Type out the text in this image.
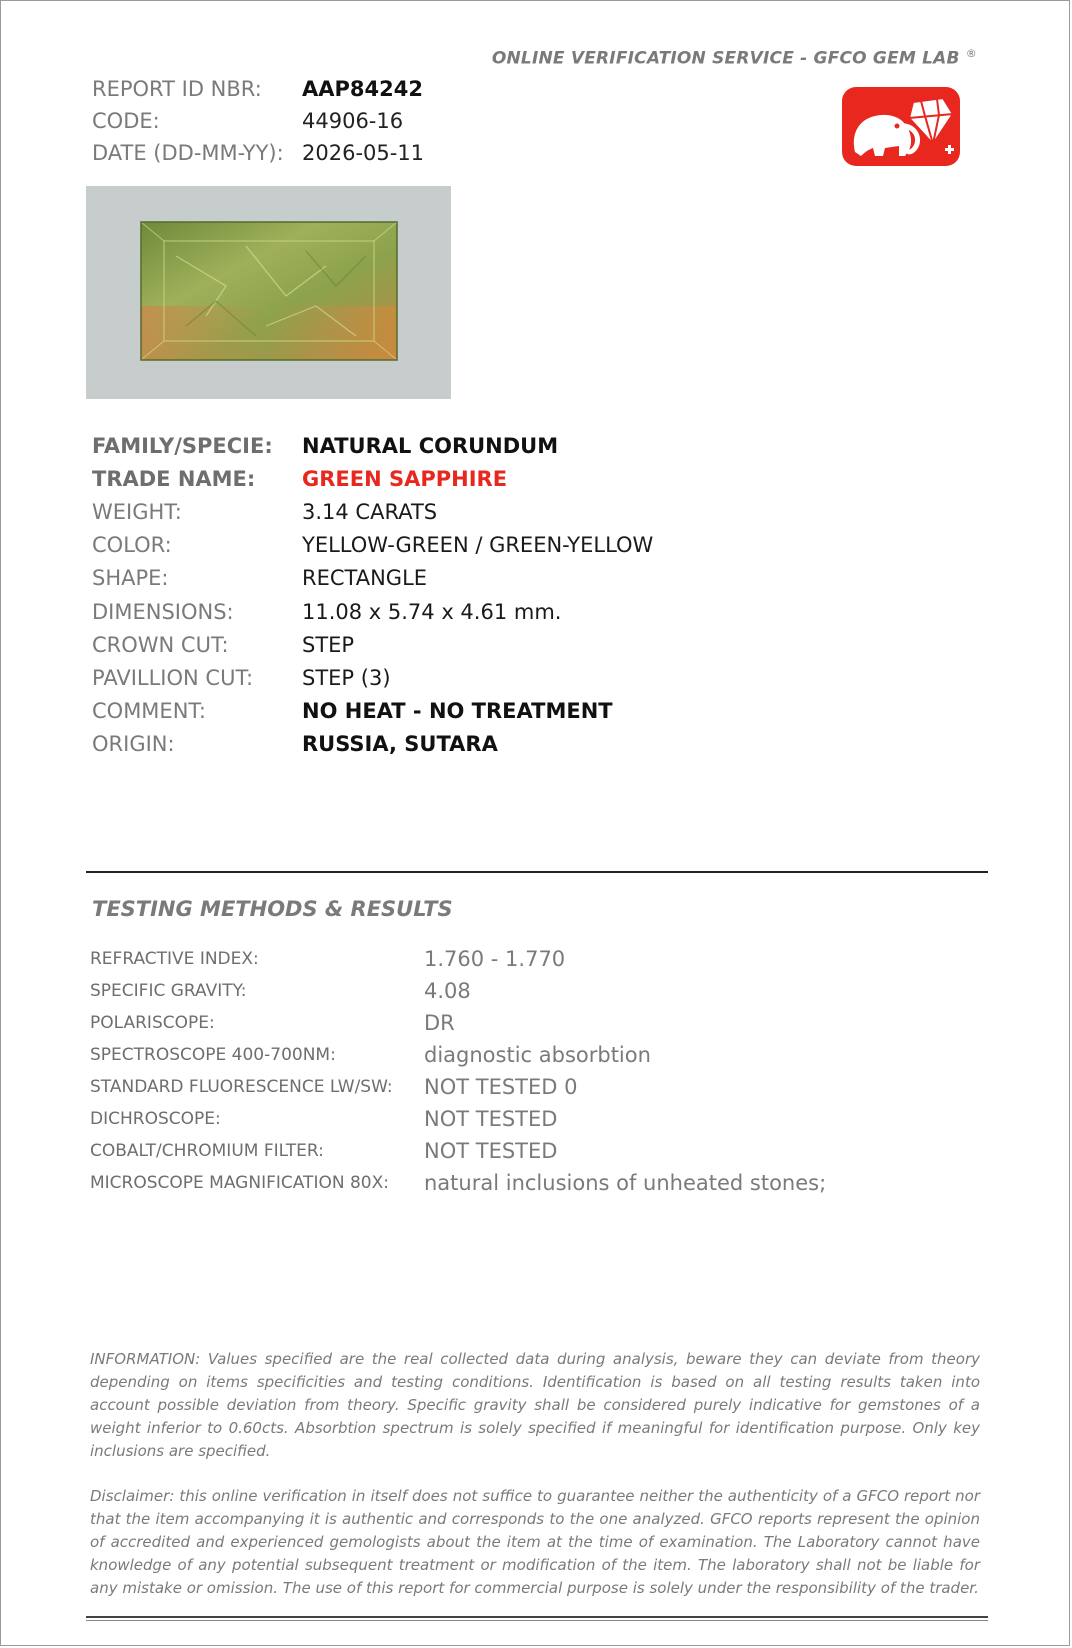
ONLINE VERIFICATION SERVICE - GFCO GEM LAB ®
REPORT ID NBR:	AAP84242
CODE:	44906-16
DATE (DD-MM-YY): 2026-05-11
FAMILY/SPECIE:	NATURAL CORUNDUM
TRADE NAME:	GREEN SAPPHIRE
WEIGHT:	3.14 CARATS
COLOR:	YELLOW-GREEN / GREEN-YELLOW
SHAPE:	RECTANGLE
DIMENSIONS:	11.08 x 5.74 x 4.61 mm.
CROWN CUT:	STEP
PAVILLION CUT:	STEP (3)
COMMENT:	NO HEAT - NO TREATMENT
ORIGIN:	RUSSIA, SUTARA
TESTING METHODS & RESULTS
REFRACTIVE INDEX:	1.760 - 1.770
SPECIFIC GRAVITY:	4.08
POLARISCOPE:	DR
SPECTROSCOPE 400-700NM:	diagnostic absorbtion
STANDARD FLUORESCENCE LW/SW:	NOT TESTED 0
DICHROSCOPE:	NOT TESTED
COBALT/CHROMIUM FILTER:	NOT TESTED
MICROSCOPE MAGNIFICATION 80X:	natural inclusions of unheated stones;
INFORMATION: Values specified are the real collected data during analysis, beware they can deviate from theory depending on items specificities and testing conditions. Identification is based on all testing results taken into account possible deviation from theory. Specific gravity shall be considered purely indicative for gemstones of a weight inferior to 0.60cts. Absorbtion spectrum is solely specified if meaningful for identification purpose. Only key inclusions are specified.
Disclaimer: this online verification in itself does not suffice to guarantee neither the authenticity of a GFCO report nor that the item accompanying it is authentic and corresponds to the one analyzed. GFCO reports represent the opinion of accredited and experienced gemologists about the item at the time of examination. The Laboratory cannot have knowledge of any potential subsequent treatment or modification of the item. The laboratory shall not be liable for any mistake or omission. The use of this report for commercial purpose is solely under the responsibility of the trader.
